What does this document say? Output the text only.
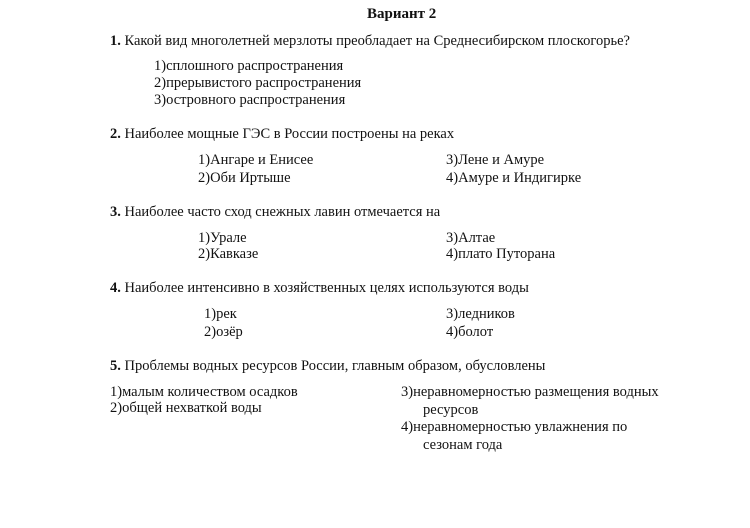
Вариант 2
1. Какой вид многолетней мерзлоты преобладает на Среднесибирском плоскогорье?
1)сплошного распространения
2)прерывистого распространения
3)островного распространения
2. Наиболее мощные ГЭС в России построены на реках
1)Ангаре и Енисее
2)Оби Иртыше
3)Лене и Амуре
4)Амуре и Индигирке
3. Наиболее часто сход снежных лавин отмечается на
1)Урале
2)Кавказе
3)Алтае
4)плато Путорана
4. Наиболее интенсивно в хозяйственных целях используются воды
1)рек
2)озёр
3)ледников
4)болот
5. Проблемы водных ресурсов России, главным образом, обусловлены
1)малым количеством осадков
2)общей нехваткой воды
3)неравномерностью размещения водных
ресурсов
4)неравномерностью увлажнения по
сезонам года
